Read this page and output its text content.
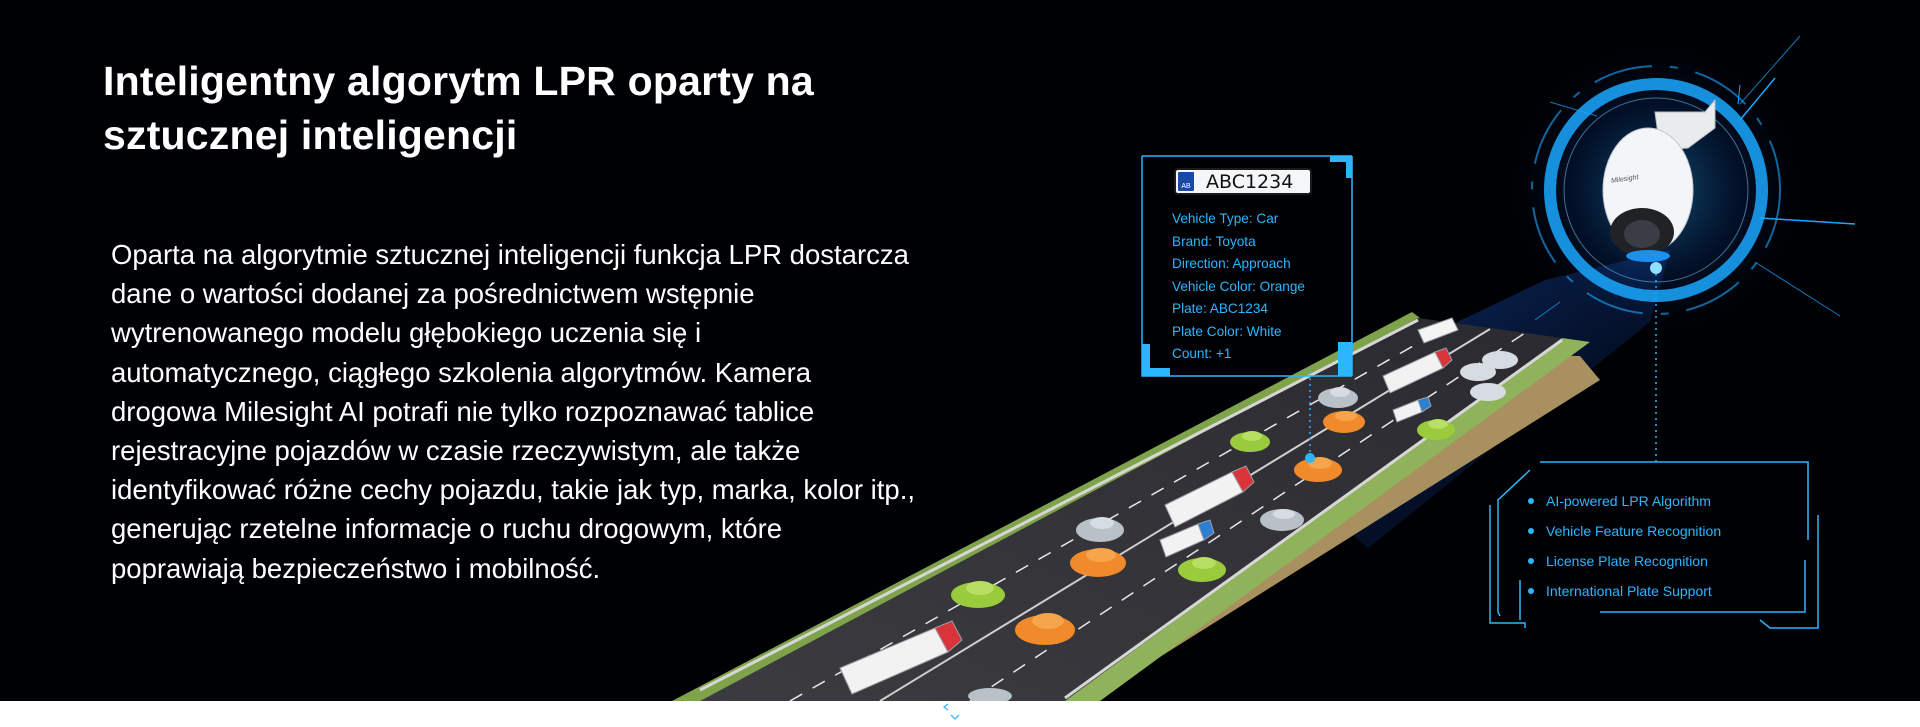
Inteligentny algorytm LPR oparty na sztucznej inteligencji

Oparta na algorytmie sztucznej inteligencji funkcja LPR dostarcza dane o wartości dodanej za pośrednictwem wstępnie wytrenowanego modelu głębokiego uczenia się i automatycznego, ciągłego szkolenia algorytmów. Kamera drogowa Milesight AI potrafi nie tylko rozpoznawać tablice rejestracyjne pojazdów w czasie rzeczywistym, ale także identyfikować różne cechy pojazdu, takie jak typ, marka, kolor itp., generując rzetelne informacje o ruchu drogowym, które poprawiają bezpieczeństwo i mobilność.

AB ABC1234
Vehicle Type: Car
Brand: Toyota
Direction: Approach
Vehicle Color: Orange
Plate: ABC1234
Plate Color: White
Count: +1
Milesight
AI-powered LPR Algorithm
Vehicle Feature Recognition
License Plate Recognition
International Plate Support
